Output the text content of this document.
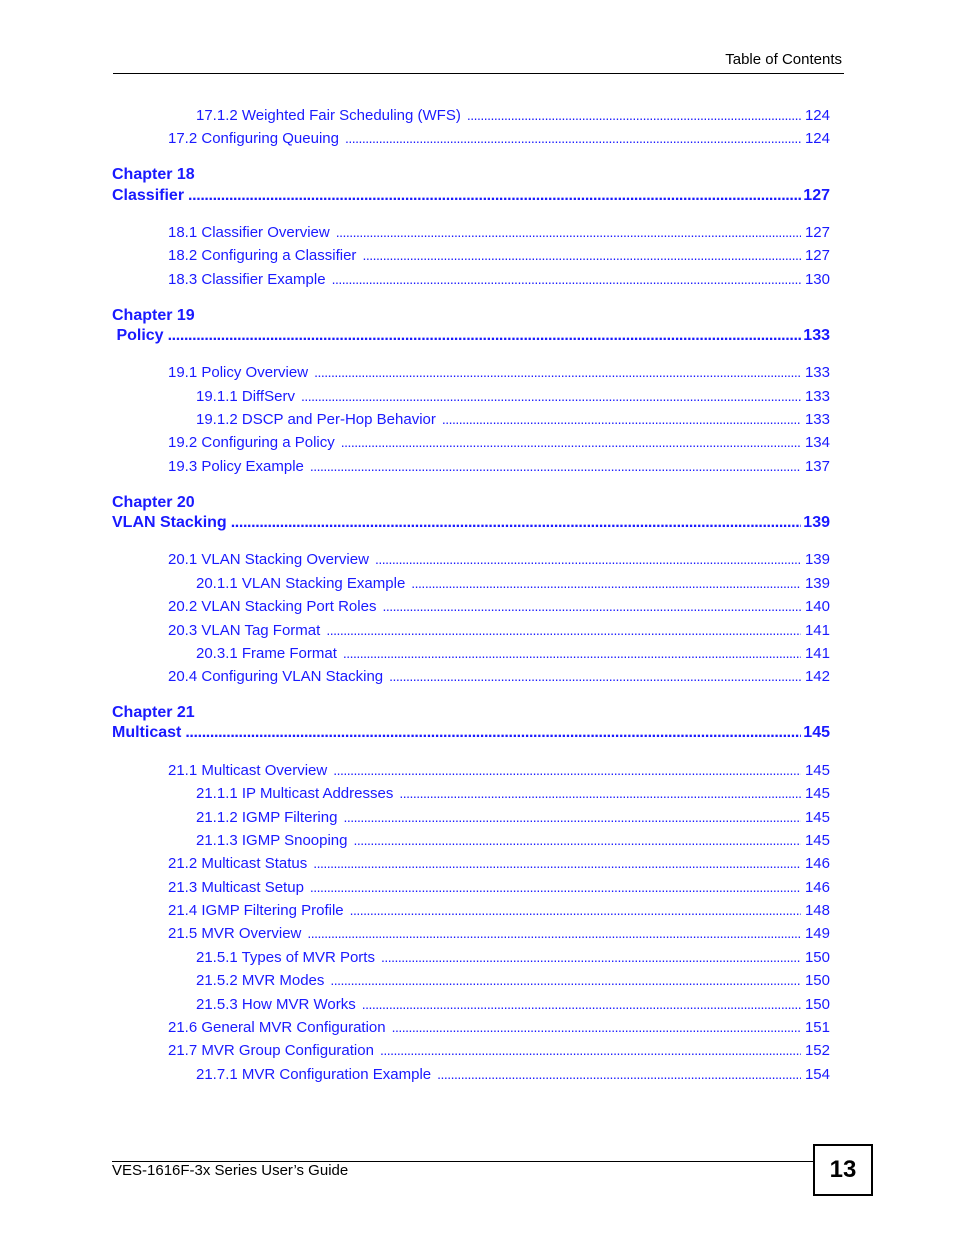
Table of Contents
17.1.2 Weighted Fair Scheduling (WFS) . . .	124
17.2 Configuring Queuing . . .	124
Chapter 18
Classifier . . .	127
18.1 Classifier Overview . . .	127
18.2 Configuring a Classifier . . .	127
18.3 Classifier Example . . .	130
Chapter 19
Policy . . .	133
19.1 Policy Overview . . .	133
19.1.1 DiffServ . . .	133
19.1.2 DSCP and Per-Hop Behavior . . .	133
19.2 Configuring a Policy . . .	134
19.3 Policy Example . . .	137
Chapter 20
VLAN Stacking . . .	139
20.1 VLAN Stacking Overview . . .	139
20.1.1 VLAN Stacking Example . . .	139
20.2 VLAN Stacking Port Roles . . .	140
20.3 VLAN Tag Format . . .	141
20.3.1 Frame Format . . .	141
20.4 Configuring VLAN Stacking . . .	142
Chapter 21
Multicast . . .	145
21.1 Multicast Overview . . .	145
21.1.1 IP Multicast Addresses . . .	145
21.1.2 IGMP Filtering . . .	145
21.1.3 IGMP Snooping . . .	145
21.2 Multicast Status . . .	146
21.3 Multicast Setup . . .	146
21.4 IGMP Filtering Profile . . .	148
21.5 MVR Overview . . .	149
21.5.1 Types of MVR Ports . . .	150
21.5.2 MVR Modes . . .	150
21.5.3 How MVR Works . . .	150
21.6 General MVR Configuration . . .	151
21.7 MVR Group Configuration . . .	152
21.7.1 MVR Configuration Example . . .	154
VES-1616F-3x Series User’s Guide	13
